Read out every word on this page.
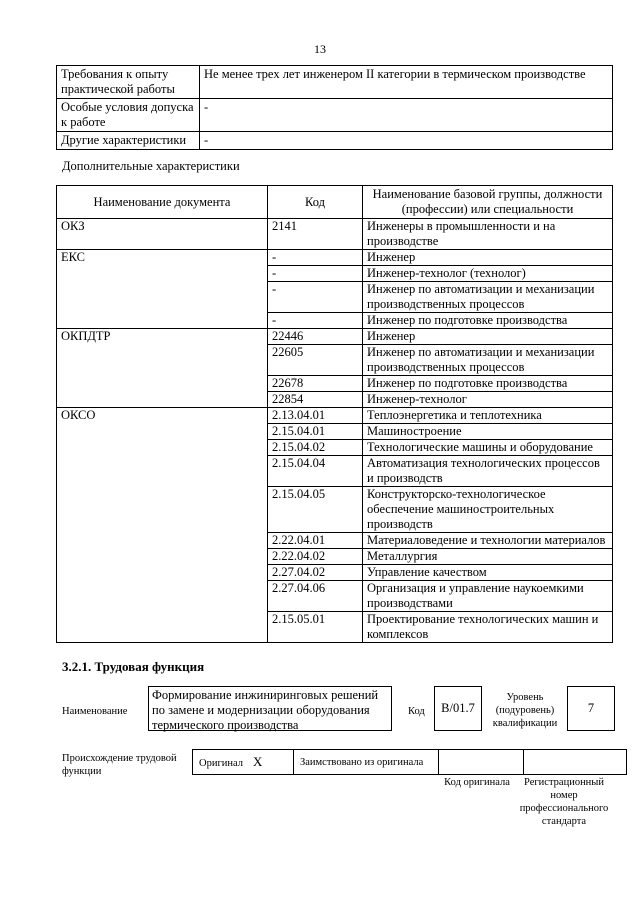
13
Требования к опыту практической работы	Не менее трех лет инженером II категории в термическом производстве
Особые условия допуска к работе	-
Другие характеристики	-
Дополнительные характеристики
Наименование документа	Код	Наименование базовой группы, должности (профессии) или специальности
ОКЗ	2141	Инженеры в промышленности и на производстве
ЕКС	-	Инженер
	-	Инженер-технолог (технолог)
	-	Инженер по автоматизации и механизации производственных процессов
	-	Инженер по подготовке производства
ОКПДТР	22446	Инженер
	22605	Инженер по автоматизации и механизации производственных процессов
	22678	Инженер по подготовке производства
	22854	Инженер-технолог
ОКСО	2.13.04.01	Теплоэнергетика и теплотехника
	2.15.04.01	Машиностроение
	2.15.04.02	Технологические машины и оборудование
	2.15.04.04	Автоматизация технологических процессов и производств
	2.15.04.05	Конструкторско-технологическое обеспечение машиностроительных производств
	2.22.04.01	Материаловедение и технологии материалов
	2.22.04.02	Металлургия
	2.27.04.02	Управление качеством
	2.27.04.06	Организация и управление наукоемкими производствами
	2.15.05.01	Проектирование технологических машин и комплексов
3.2.1. Трудовая функция
Наименование
Формирование инжиниринговых решений по замене и модернизации оборудования термического производства
Код	В/01.7
Уровень (подуровень) квалификации
7
Происхождение трудовой функции
Оригинал X	Заимствовано из оригинала		
Код оригинала	Регистрационный номер профессионального стандарта
